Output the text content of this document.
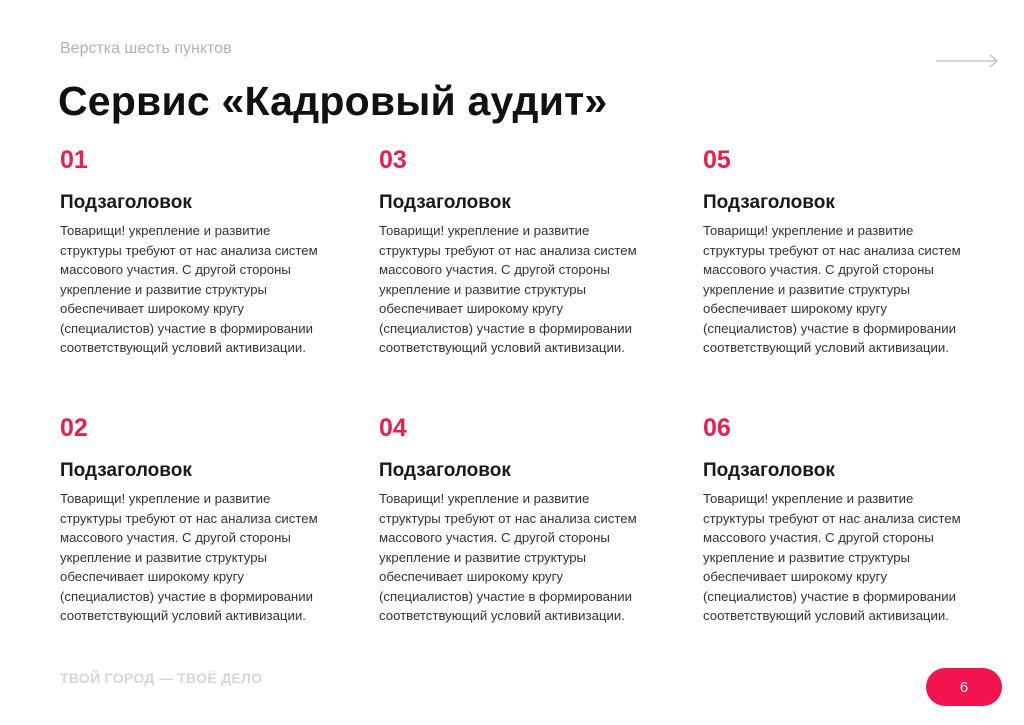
Верстка шесть пунктов
Сервис «Кадровый аудит»
01
Подзаголовок
Товарищи! укрепление и развитие структуры требуют от нас анализа систем массового участия. С другой стороны укрепление и развитие структуры обеспечивает широкому кругу (специалистов) участие в формировании соответствующий условий активизации.
02
Подзаголовок
Товарищи! укрепление и развитие структуры требуют от нас анализа систем массового участия. С другой стороны укрепление и развитие структуры обеспечивает широкому кругу (специалистов) участие в формировании соответствующий условий активизации.
03
Подзаголовок
Товарищи! укрепление и развитие структуры требуют от нас анализа систем массового участия. С другой стороны укрепление и развитие структуры обеспечивает широкому кругу (специалистов) участие в формировании соответствующий условий активизации.
04
Подзаголовок
Товарищи! укрепление и развитие структуры требуют от нас анализа систем массового участия. С другой стороны укрепление и развитие структуры обеспечивает широкому кругу (специалистов) участие в формировании соответствующий условий активизации.
05
Подзаголовок
Товарищи! укрепление и развитие структуры требуют от нас анализа систем массового участия. С другой стороны укрепление и развитие структуры обеспечивает широкому кругу (специалистов) участие в формировании соответствующий условий активизации.
06
Подзаголовок
Товарищи! укрепление и развитие структуры требуют от нас анализа систем массового участия. С другой стороны укрепление и развитие структуры обеспечивает широкому кругу (специалистов) участие в формировании соответствующий условий активизации.
ТВОЙ ГОРОД — ТВОЁ ДЕЛО
6
